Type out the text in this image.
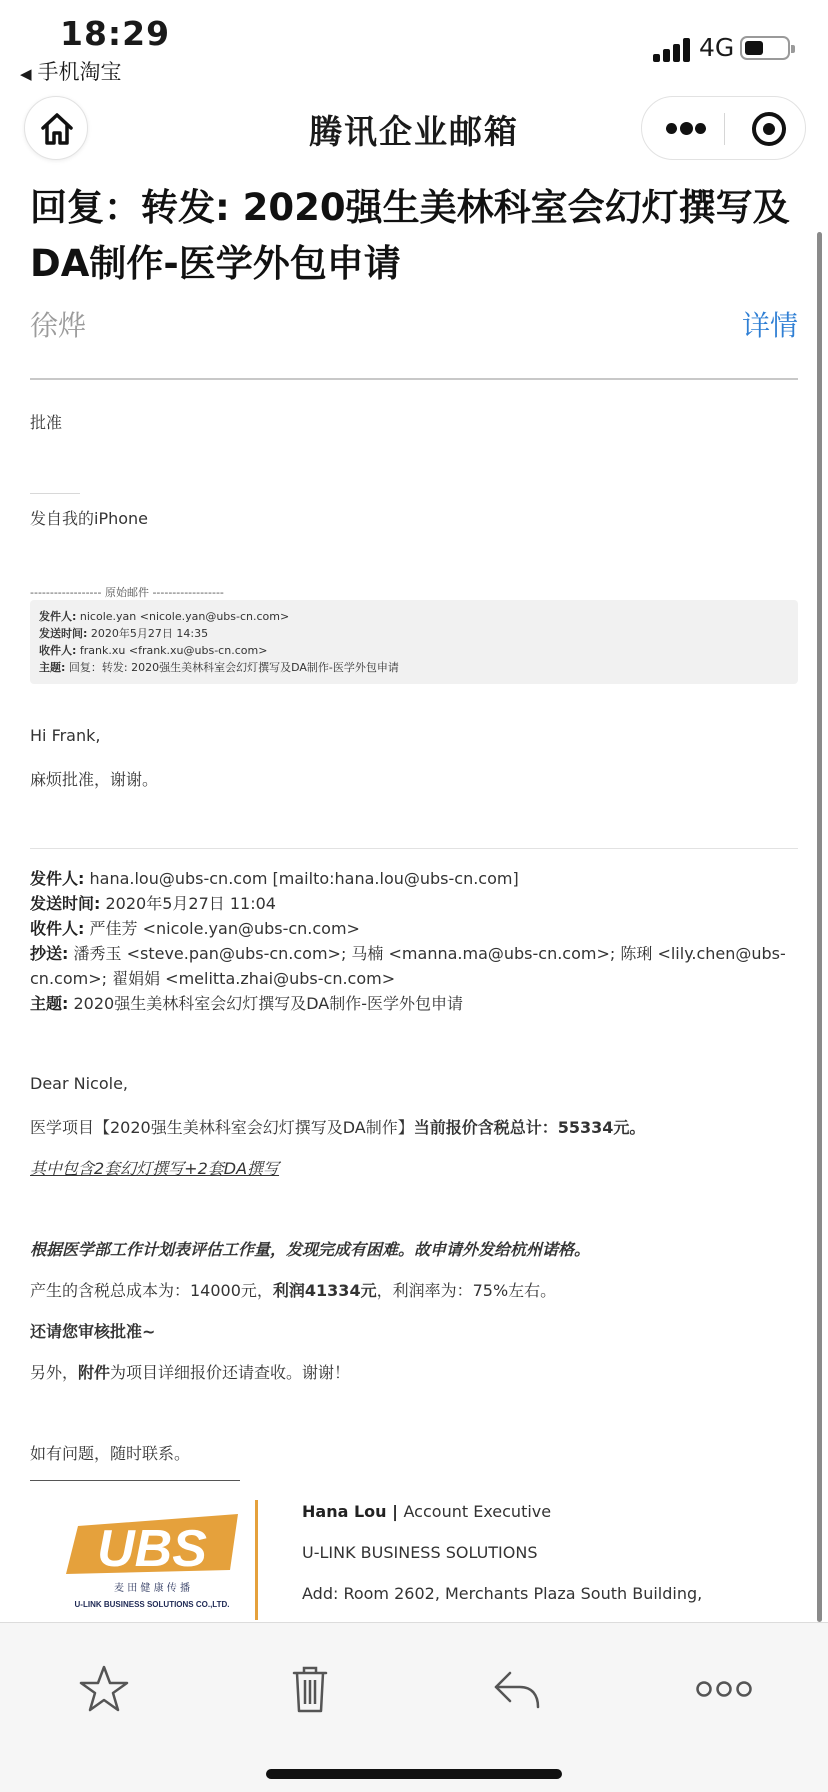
18:29
◀ 手机淘宝
4G
腾讯企业邮箱
回复：转发: 2020强生美林科室会幻灯撰写及DA制作-医学外包申请
徐烨	详情
批准
发自我的iPhone
------------------ 原始邮件 ------------------
发件人: nicole.yan <nicole.yan@ubs-cn.com>
发送时间: 2020年5月27日 14:35
收件人: frank.xu <frank.xu@ubs-cn.com>
主题: 回复：转发: 2020强生美林科室会幻灯撰写及DA制作-医学外包申请
Hi Frank,
麻烦批准，谢谢。
发件人: hana.lou@ubs-cn.com [mailto:hana.lou@ubs-cn.com]
发送时间: 2020年5月27日 11:04
收件人: 严佳芳 <nicole.yan@ubs-cn.com>
抄送: 潘秀玉 <steve.pan@ubs-cn.com>; 马楠 <manna.ma@ubs-cn.com>; 陈琍 <lily.chen@ubs-cn.com>; 翟娟娟 <melitta.zhai@ubs-cn.com>
主题: 2020强生美林科室会幻灯撰写及DA制作-医学外包申请
Dear Nicole,
医学项目【2020强生美林科室会幻灯撰写及DA制作】当前报价含税总计：55334元。
其中包含2套幻灯撰写+2套DA撰写
根据医学部工作计划表评估工作量，发现完成有困难。故申请外发给杭州诺格。
产生的含税总成本为：14000元，利润41334元，利润率为：75%左右。
还请您审核批准~
另外，附件为项目详细报价还请查收。谢谢！
如有问题，随时联系。
UBS
麦 田 健 康 传 播
U-LINK BUSINESS SOLUTIONS CO.,LTD.
Hana Lou | Account Executive
U-LINK BUSINESS SOLUTIONS
Add: Room 2602, Merchants Plaza South Building,
